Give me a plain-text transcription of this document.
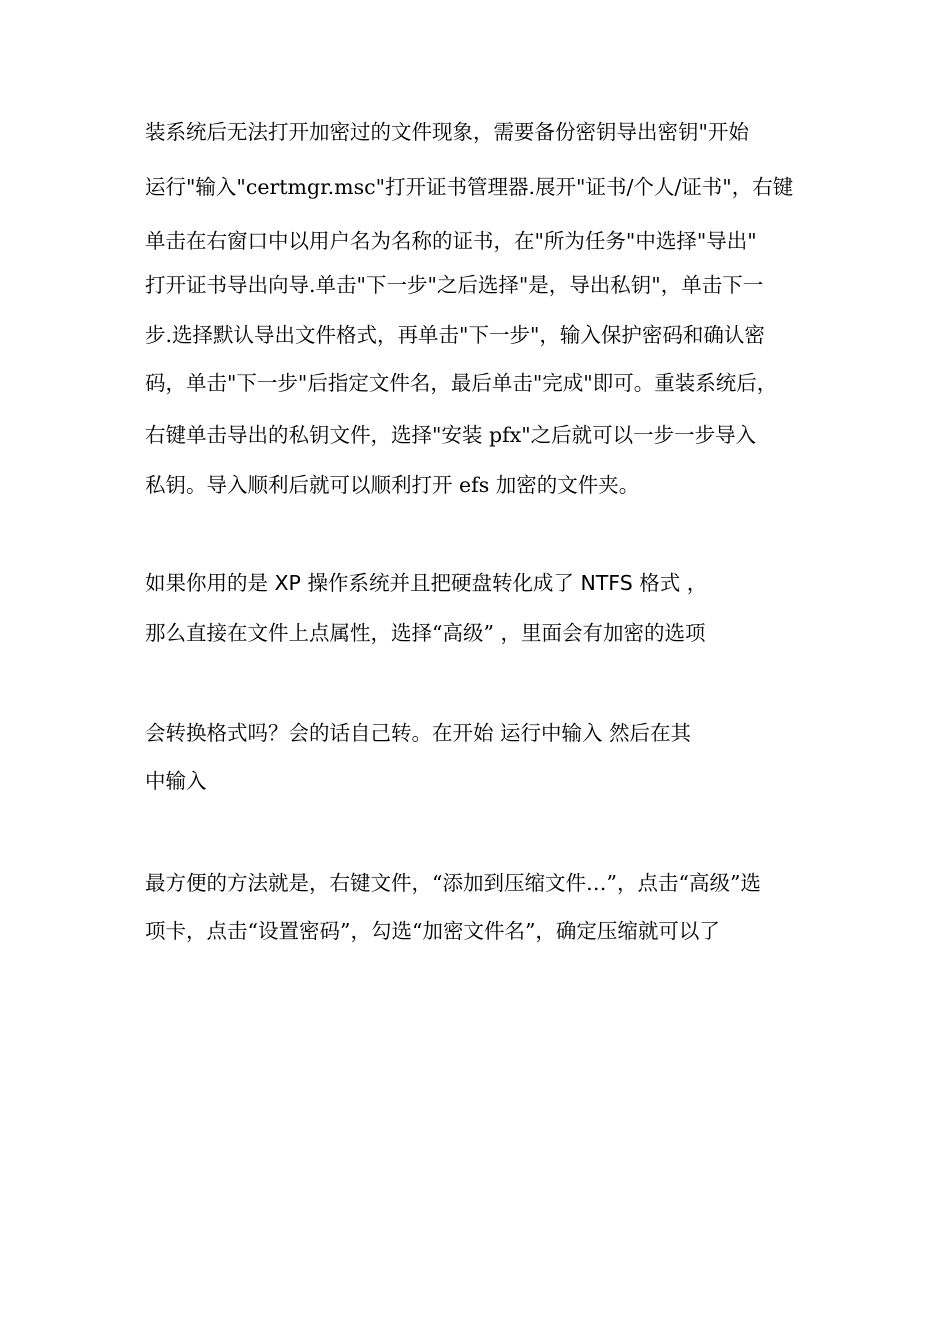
装系统后无法打开加密过的文件现象，需要备份密钥导出密钥"开始
运行"输入"certmgr.msc"打开证书管理器.展开"证书/个人/证书"，右键
单击在右窗口中以用户名为名称的证书，在"所为任务"中选择"导出"
打开证书导出向导.单击"下一步"之后选择"是，导出私钥"，单击下一
步.选择默认导出文件格式，再单击"下一步"，输入保护密码和确认密
码，单击"下一步"后指定文件名，最后单击"完成"即可。重装系统后，
右键单击导出的私钥文件，选择"安装 pfx"之后就可以一步一步导入
私钥。导入顺利后就可以顺利打开 efs 加密的文件夹。
如果你用的是 XP 操作系统并且把硬盘转化成了 NTFS 格式 ，
那么直接在文件上点属性，选择“高级” ，里面会有加密的选项
会转换格式吗？会的话自己转。在开始 运行中输入 然后在其
中输入
最方便的方法就是，右键文件，“添加到压缩文件…”，点击“高级”选
项卡，点击“设置密码”，勾选“加密文件名”，确定压缩就可以了
